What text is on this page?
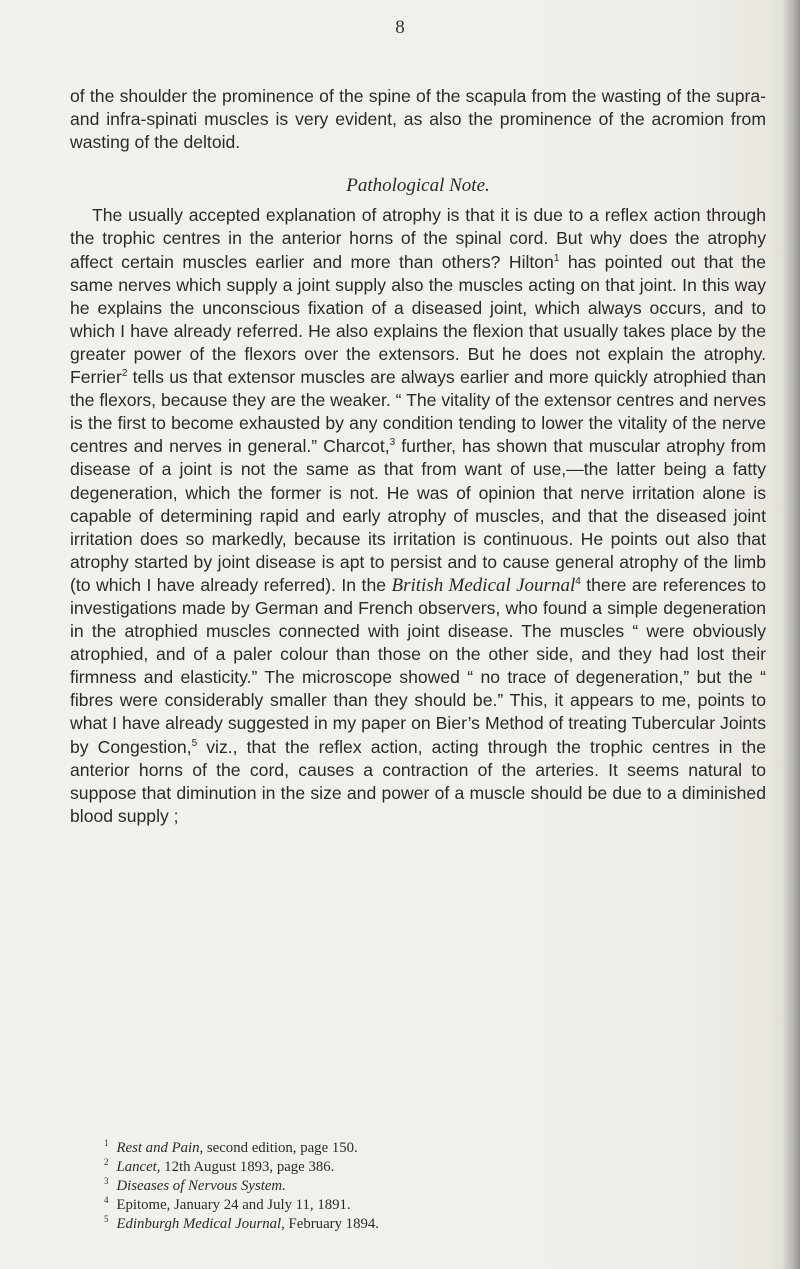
8

of the shoulder the prominence of the spine of the scapula from the wasting of the supra- and infra-spinati muscles is very evident, as also the prominence of the acromion from wasting of the deltoid.

Pathological Note.

The usually accepted explanation of atrophy is that it is due to a reflex action through the trophic centres in the anterior horns of the spinal cord. But why does the atrophy affect certain muscles earlier and more than others? Hilton$^1$ has pointed out that the same nerves which supply a joint supply also the muscles acting on that joint. In this way he explains the unconscious fixation of a diseased joint, which always occurs, and to which I have already referred. He also explains the flexion that usually takes place by the greater power of the flexors over the extensors. But he does not explain the atrophy. Ferrier$^2$ tells us that extensor muscles are always earlier and more quickly atrophied than the flexors, because they are the weaker. “ The vitality of the extensor centres and nerves is the first to become exhausted by any condition tending to lower the vitality of the nerve centres and nerves in general.” Charcot,$^3$ further, has shown that muscular atrophy from disease of a joint is not the same as that from want of use,—the latter being a fatty degeneration, which the former is not. He was of opinion that nerve irritation alone is capable of determining rapid and early atrophy of muscles, and that the diseased joint irritation does so markedly, because its irritation is continuous. He points out also that atrophy started by joint disease is apt to persist and to cause general atrophy of the limb (to which I have already referred). In the British Medical Journal$^4$ there are references to investigations made by German and French observers, who found a simple degeneration in the atrophied muscles connected with joint disease. The muscles “ were obviously atrophied, and of a paler colour than those on the other side, and they had lost their firmness and elasticity.” The microscope showed “ no trace of degeneration,” but the “ fibres were considerably smaller than they should be.” This, it appears to me, points to what I have already suggested in my paper on Bier’s Method of treating Tubercular Joints by Congestion,$^5$ viz., that the reflex action, acting through the trophic centres in the anterior horns of the cord, causes a contraction of the arteries. It seems natural to suppose that diminution in the size and power of a muscle should be due to a diminished blood supply ;

$^1$ Rest and Pain, second edition, page 150.
$^2$ Lancet, 12th August 1893, page 386.
$^3$ Diseases of Nervous System.
$^4$ Epitome, January 24 and July 11, 1891.
$^5$ Edinburgh Medical Journal, February 1894.
